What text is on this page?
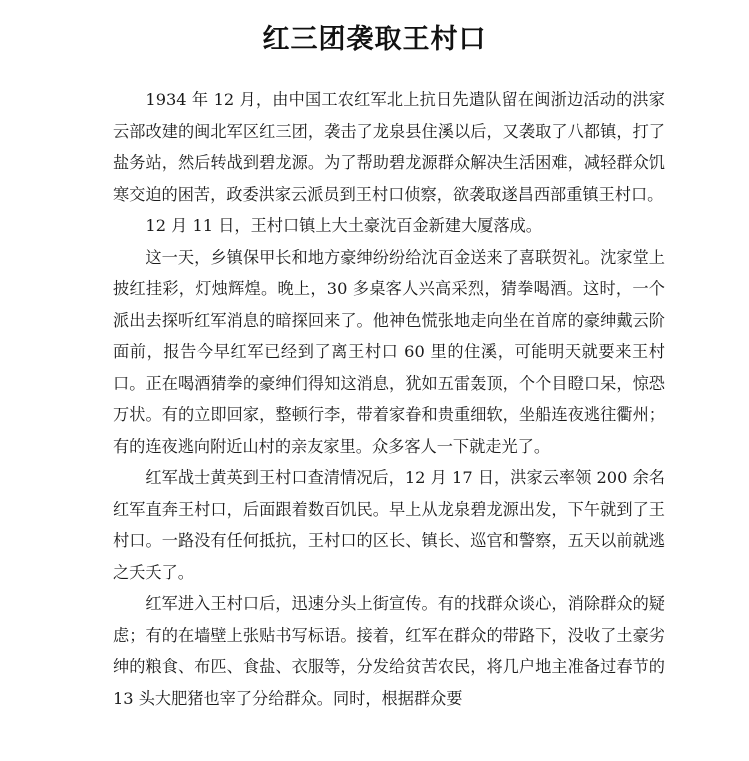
红三团袭取王村口

1934 年 12 月，由中国工农红军北上抗日先遣队留在闽浙边活动的洪家云部改建的闽北军区红三团，袭击了龙泉县住溪以后，又袭取了八都镇，打了盐务站，然后转战到碧龙源。为了帮助碧龙源群众解决生活困难，减轻群众饥寒交迫的困苦，政委洪家云派员到王村口侦察，欲袭取遂昌西部重镇王村口。

12 月 11 日，王村口镇上大土豪沈百金新建大厦落成。

这一天，乡镇保甲长和地方豪绅纷纷给沈百金送来了喜联贺礼。沈家堂上披红挂彩，灯烛辉煌。晚上，30 多桌客人兴高采烈，猜拳喝酒。这时，一个派出去探听红军消息的暗探回来了。他神色慌张地走向坐在首席的豪绅戴云阶面前，报告今早红军已经到了离王村口 60 里的住溪，可能明天就要来王村口。正在喝酒猜拳的豪绅们得知这消息，犹如五雷轰顶，个个目瞪口呆，惊恐万状。有的立即回家，整顿行李，带着家眷和贵重细软，坐船连夜逃往衢州；有的连夜逃向附近山村的亲友家里。众多客人一下就走光了。

红军战士黄英到王村口查清情况后，12 月 17 日，洪家云率领 200 余名红军直奔王村口，后面跟着数百饥民。早上从龙泉碧龙源出发，下午就到了王村口。一路没有任何抵抗，王村口的区长、镇长、巡官和警察，五天以前就逃之夭夭了。

红军进入王村口后，迅速分头上街宣传。有的找群众谈心，消除群众的疑虑；有的在墙壁上张贴书写标语。接着，红军在群众的带路下，没收了土豪劣绅的粮食、布匹、食盐、衣服等，分发给贫苦农民，将几户地主准备过春节的 13 头大肥猪也宰了分给群众。同时，根据群众要
